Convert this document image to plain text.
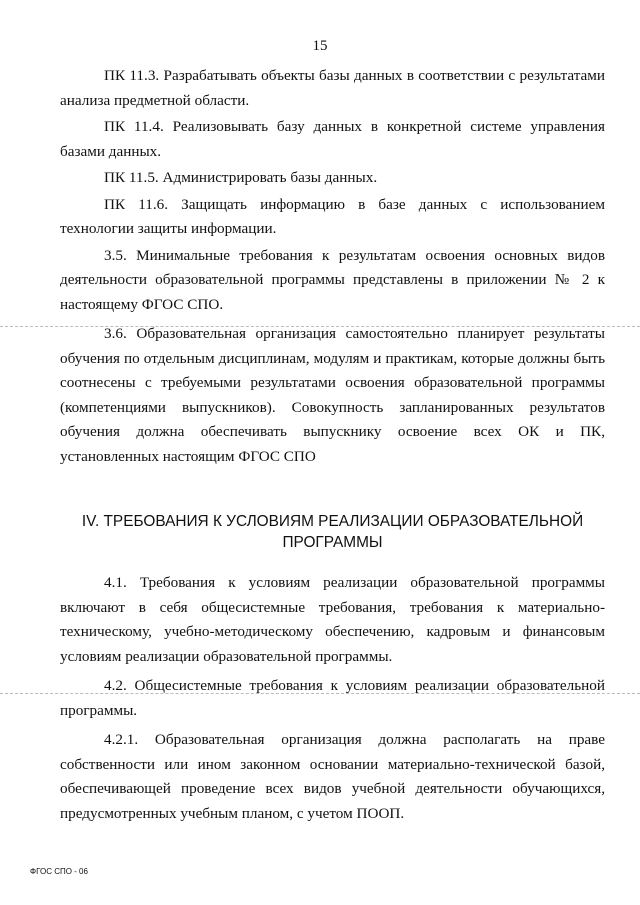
15

ПК 11.3. Разрабатывать объекты базы данных в соответствии с результатами анализа предметной области.

ПК 11.4. Реализовывать базу данных в конкретной системе управления базами данных.

ПК 11.5. Администрировать базы данных.

ПК 11.6. Защищать информацию в базе данных с использованием технологии защиты информации.

3.5. Минимальные требования к результатам освоения основных видов деятельности образовательной программы представлены в приложении № 2 к настоящему ФГОС СПО.

3.6. Образовательная организация самостоятельно планирует результаты обучения по отдельным дисциплинам, модулям и практикам, которые должны быть соотнесены с требуемыми результатами освоения образовательной программы (компетенциями выпускников). Совокупность запланированных результатов обучения должна обеспечивать выпускнику освоение всех ОК и ПК, установленных настоящим ФГОС СПО

IV. ТРЕБОВАНИЯ К УСЛОВИЯМ РЕАЛИЗАЦИИ ОБРАЗОВАТЕЛЬНОЙ ПРОГРАММЫ

4.1. Требования к условиям реализации образовательной программы включают в себя общесистемные требования, требования к материально-техническому, учебно-методическому обеспечению, кадровым и финансовым условиям реализации образовательной программы.

4.2. Общесистемные требования к условиям реализации образовательной программы.

4.2.1. Образовательная организация должна располагать на праве собственности или ином законном основании материально-технической базой, обеспечивающей проведение всех видов учебной деятельности обучающихся, предусмотренных учебным планом, с учетом ПООП.

ФГОС СПО - 06
